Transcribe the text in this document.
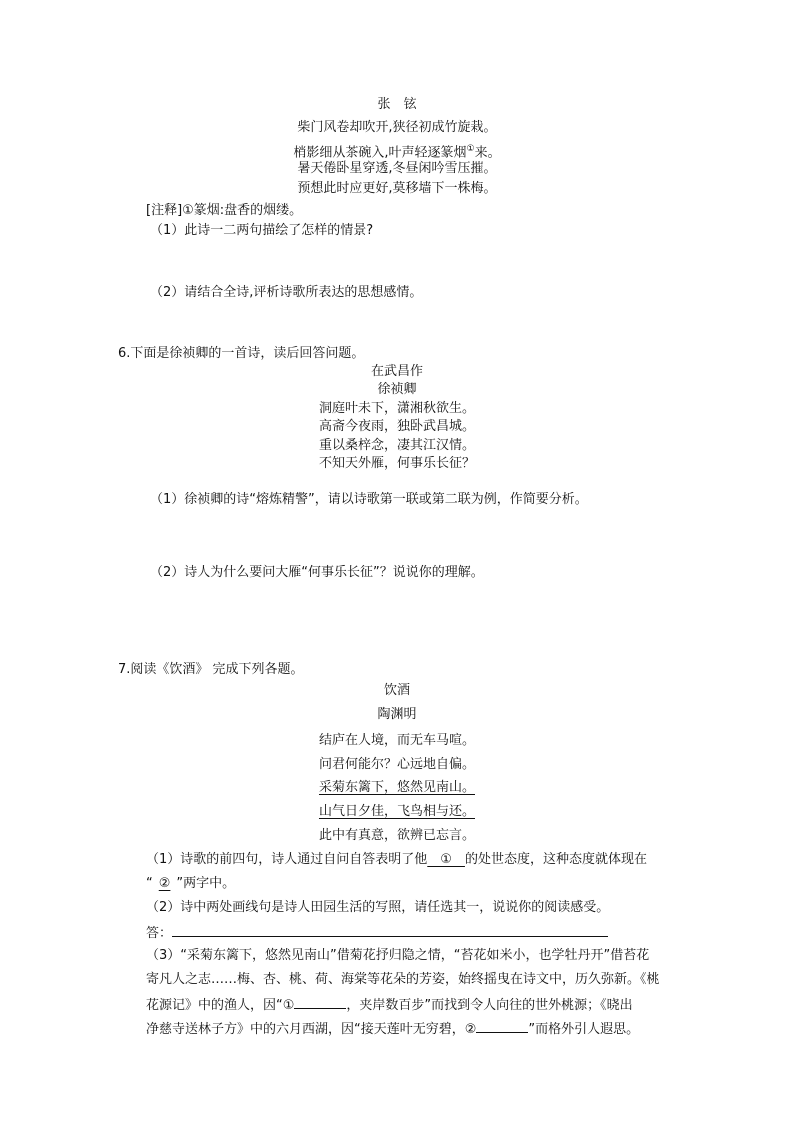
张　铉
柴门风卷却吹开,狭径初成竹旋栽。
梢影细从茶碗入,叶声轻逐篆烟①来。
暑天倦卧星穿透,冬昼闲吟雪压摧。
预想此时应更好,莫移墙下一株梅。
[注释]①篆烟:盘香的烟缕。
（1）此诗一二两句描绘了怎样的情景?
（2）请结合全诗,评析诗歌所表达的思想感情。
6.下面是徐祯卿的一首诗，读后回答问题。
在武昌作
徐祯卿
洞庭叶未下，潇湘秋欲生。
高斋今夜雨，独卧武昌城。
重以桑梓念，凄其江汉情。
不知天外雁，何事乐长征？
（1）徐祯卿的诗“熔炼精警”，请以诗歌第一联或第二联为例，作简要分析。
（2）诗人为什么要问大雁“何事乐长征”？说说你的理解。
7.阅读《饮酒》 完成下列各题。
饮酒
陶渊明
结庐在人境，而无车马喧。
问君何能尔？心远地自偏。
采菊东篱下，悠然见南山。
山气日夕佳，飞鸟相与还。
此中有真意，欲辨已忘言。
（1）诗歌的前四句，诗人通过自问自答表明了他　①　的处世态度，这种态度就体现在
“ ② ”两字中。
（2）诗中两处画线句是诗人田园生活的写照，请任选其一，说说你的阅读感受。
答：
（3）“采菊东篱下，悠然见南山”借菊花抒归隐之情，“苔花如米小，也学牡丹开”借苔花
寄凡人之志……梅、杏、桃、荷、海棠等花朵的芳姿，始终摇曳在诗文中，历久弥新。《桃
花源记》中的渔人，因“①	，夹岸数百步”而找到令人向往的世外桃源；《晓出
净慈寺送林子方》中的六月西湖，因“接天莲叶无穷碧，②	”而格外引人遐思。
